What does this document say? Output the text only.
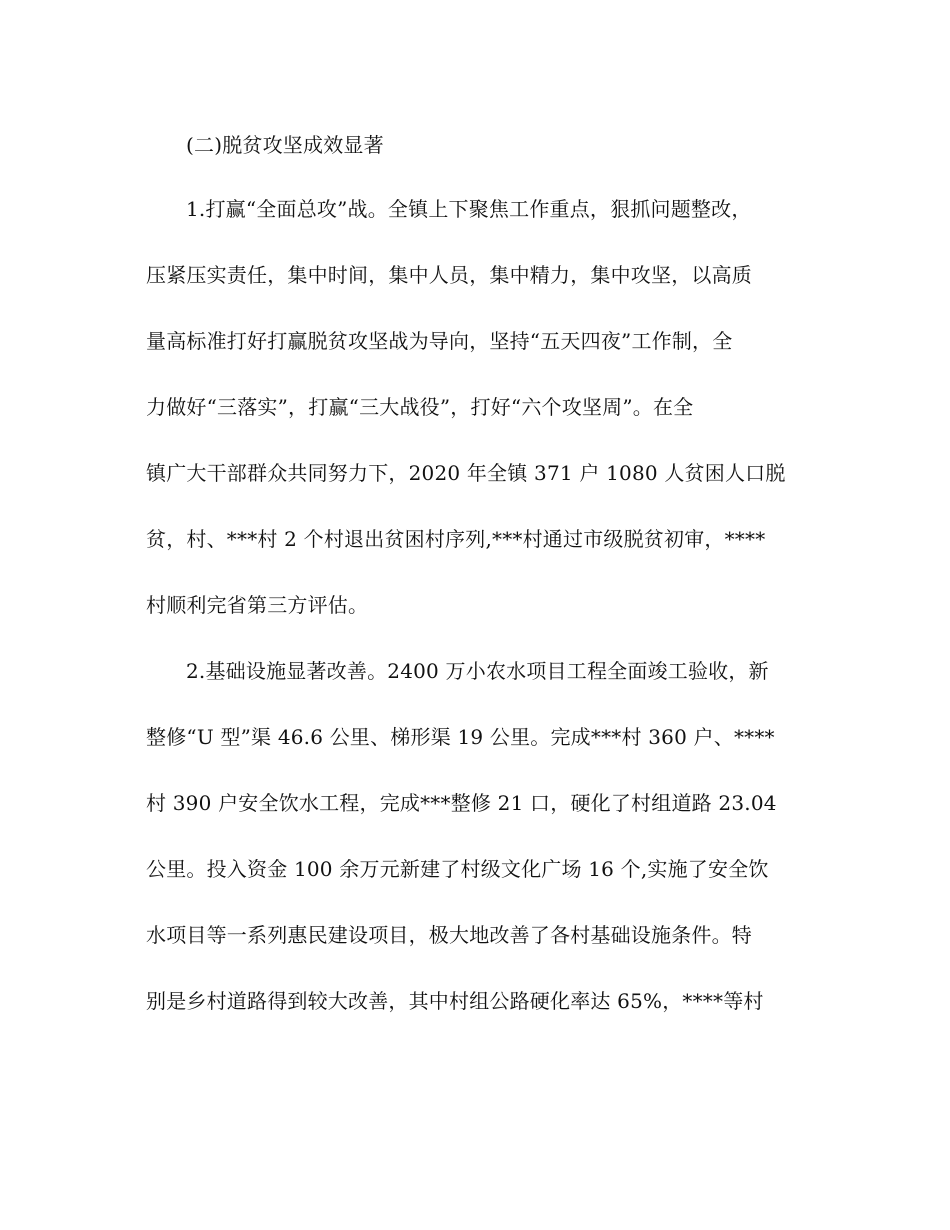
(二)脱贫攻坚成效显著
1.打赢“全面总攻”战。全镇上下聚焦工作重点，狠抓问题整改，
压紧压实责任，集中时间，集中人员，集中精力，集中攻坚，以高质
量高标准打好打赢脱贫攻坚战为导向，坚持“五天四夜”工作制，全
力做好“三落实”，打赢“三大战役”，打好“六个攻坚周”。在全
镇广大干部群众共同努力下，2020 年全镇 371 户 1080 人贫困人口脱
贫，村、***村 2 个村退出贫困村序列,***村通过市级脱贫初审，****
村顺利完省第三方评估。
2.基础设施显著改善。2400 万小农水项目工程全面竣工验收，新
整修“U 型”渠 46.6 公里、梯形渠 19 公里。完成***村 360 户、****
村 390 户安全饮水工程，完成***整修 21 口，硬化了村组道路 23.04
公里。投入资金 100 余万元新建了村级文化广场 16 个,实施了安全饮
水项目等一系列惠民建设项目，极大地改善了各村基础设施条件。特
别是乡村道路得到较大改善，其中村组公路硬化率达 65%，****等村
